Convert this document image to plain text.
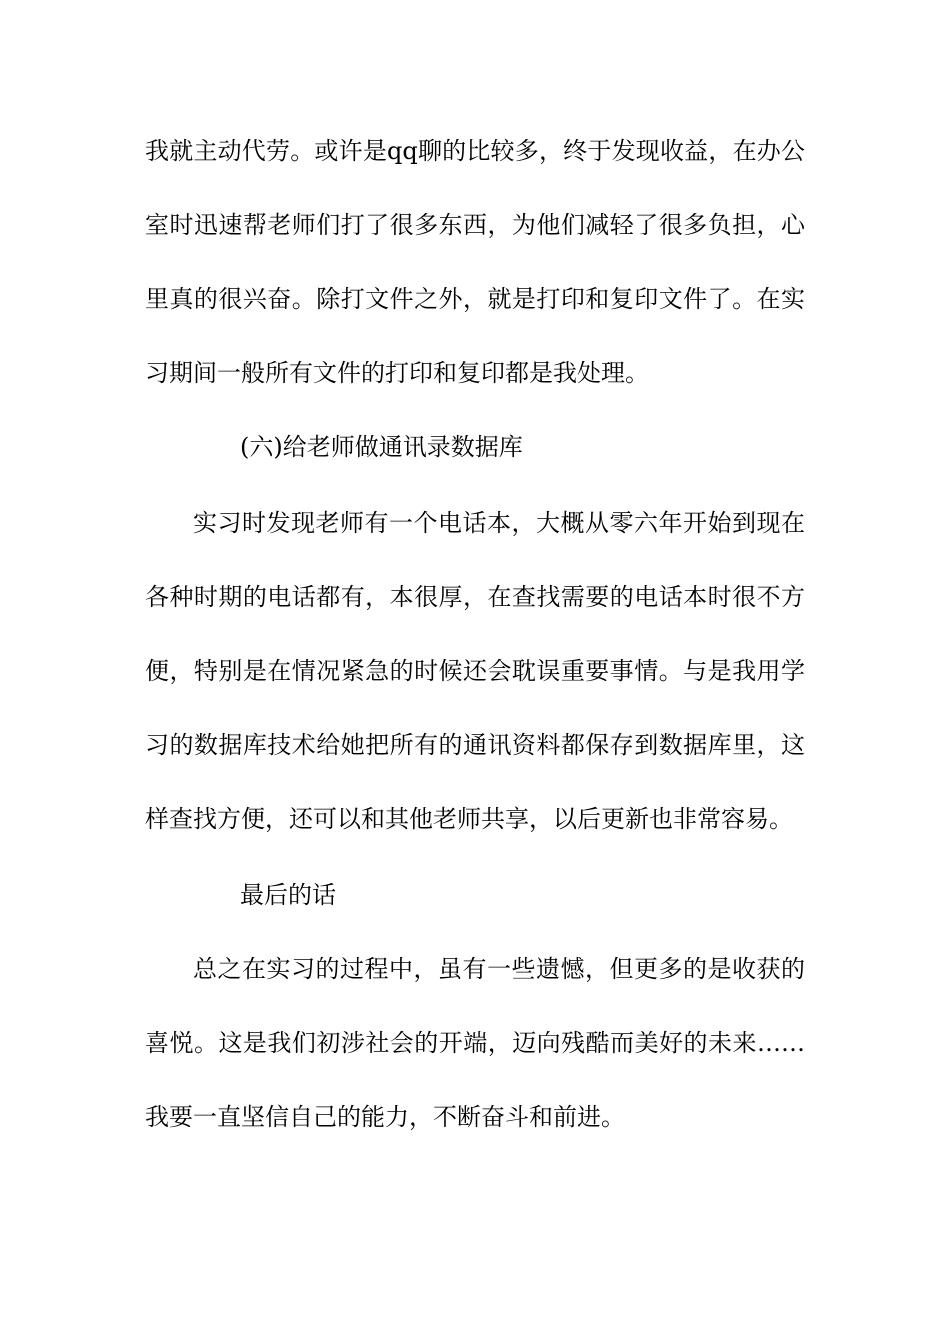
我就主动代劳。或许是qq聊的比较多，终于发现收益，在办公
室时迅速帮老师们打了很多东西，为他们减轻了很多负担，心
里真的很兴奋。除打文件之外，就是打印和复印文件了。在实
习期间一般所有文件的打印和复印都是我处理。
(六)给老师做通讯录数据库
实习时发现老师有一个电话本，大概从零六年开始到现在
各种时期的电话都有，本很厚，在查找需要的电话本时很不方
便，特别是在情况紧急的时候还会耽误重要事情。与是我用学
习的数据库技术给她把所有的通讯资料都保存到数据库里，这
样查找方便，还可以和其他老师共享，以后更新也非常容易。
最后的话
总之在实习的过程中，虽有一些遗憾，但更多的是收获的
喜悦。这是我们初涉社会的开端，迈向残酷而美好的未来……
我要一直坚信自己的能力，不断奋斗和前进。
